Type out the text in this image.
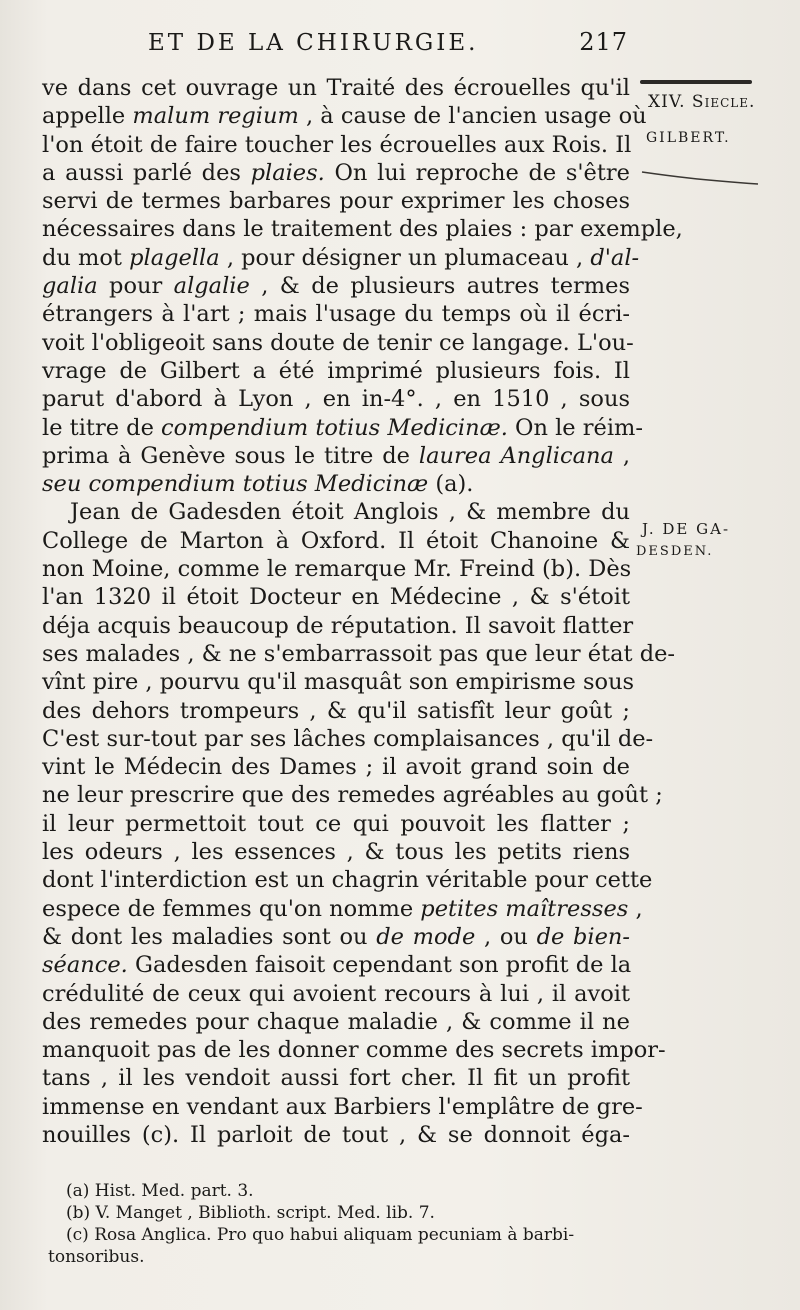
ET DE LA CHIRURGIE.	217
XIV. Siecle.
GILBERT.
J. DE GA-
DESDEN.
ve dans cet ouvrage un Traité des écrouelles qu'il
appelle malum regium , à cause de l'ancien usage où
l'on étoit de faire toucher les écrouelles aux Rois. Il
a aussi parlé des plaies. On lui reproche de s'être
servi de termes barbares pour exprimer les choses
nécessaires dans le traitement des plaies : par exemple,
du mot plagella , pour désigner un plumaceau , d'al-
galia pour algalie , & de plusieurs autres termes
étrangers à l'art ; mais l'usage du temps où il écri-
voit l'obligeoit sans doute de tenir ce langage. L'ou-
vrage de Gilbert a été imprimé plusieurs fois. Il
parut d'abord à Lyon , en in-4°. , en 1510 , sous
le titre de compendium totius Medicinæ. On le réim-
prima à Genève sous le titre de laurea Anglicana ,
seu compendium totius Medicinæ (a).
Jean de Gadesden étoit Anglois , & membre du
College de Marton à Oxford. Il étoit Chanoine &
non Moine, comme le remarque Mr. Freind (b). Dès
l'an 1320 il étoit Docteur en Médecine , & s'étoit
déja acquis beaucoup de réputation. Il savoit flatter
ses malades , & ne s'embarrassoit pas que leur état de-
vînt pire , pourvu qu'il masquât son empirisme sous
des dehors trompeurs , & qu'il satisfît leur goût ;
C'est sur-tout par ses lâches complaisances , qu'il de-
vint le Médecin des Dames ; il avoit grand soin de
ne leur prescrire que des remedes agréables au goût ;
il leur permettoit tout ce qui pouvoit les flatter ;
les odeurs , les essences , & tous les petits riens
dont l'interdiction est un chagrin véritable pour cette
espece de femmes qu'on nomme petites maîtresses ,
& dont les maladies sont ou de mode , ou de bien-
séance. Gadesden faisoit cependant son profit de la
crédulité de ceux qui avoient recours à lui , il avoit
des remedes pour chaque maladie , & comme il ne
manquoit pas de les donner comme des secrets impor-
tans , il les vendoit aussi fort cher. Il fit un profit
immense en vendant aux Barbiers l'emplâtre de gre-
nouilles (c). Il parloit de tout , & se donnoit éga-
(a) Hist. Med. part. 3.
(b) V. Manget , Biblioth. script. Med. lib. 7.
(c) Rosa Anglica. Pro quo habui aliquam pecuniam à barbi-
tonsoribus.
